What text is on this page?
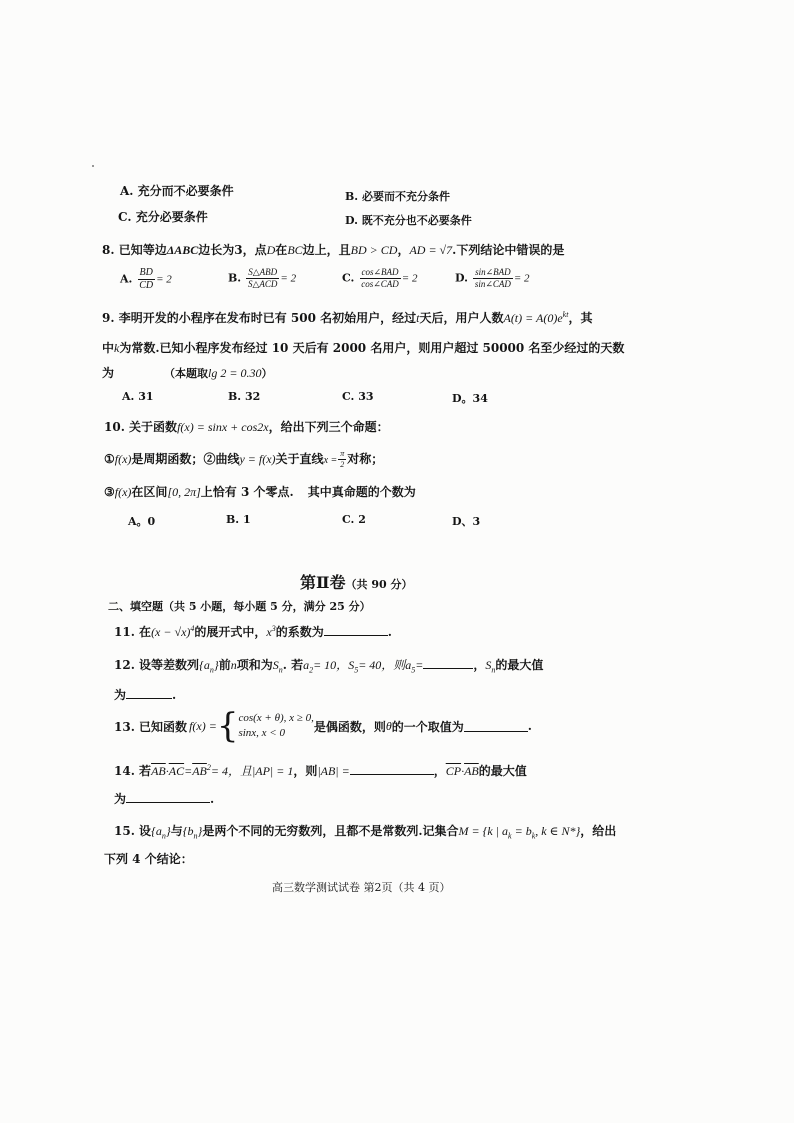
A. 充分而不必要条件	B. 必要而不充分条件
C. 充分必要条件	D. 既不充分也不必要条件
8. 已知等边ΔABC边长为3，点D在BC边上，且BD > CD，AD = √7.下列结论中错误的是
A. $\frac{BD}{CD} = 2$	B. $\frac{\text{S△ABD}}{\text{S△ACD}} = 2$	C. $\frac{\text{cos∠BAD}}{\text{cos∠CAD}} = 2$	D. $\frac{\text{sin∠BAD}}{\text{sin∠CAD}} = 2$
9. 李明开发的小程序在发布时已有 500 名初始用户，经过t天后，用户人数$A(t) = A(0)e^{kt}$，其
中k为常数.已知小程序发布经过 10 天后有 2000 名用户，则用户超过 50000 名至少经过的天数
为	（本题取lg 2 = 0.30）
A. 31	B. 32	C. 33	D。34
10. 关于函数f(x) = sinx + cos2x，给出下列三个命题：
①f(x)是周期函数；②曲线y = f(x)关于直线$x = \frac{\pi}{2}$ 对称；
③f(x)在区间[0, 2π]上恰有 3 个零点. 其中真命题的个数为
A。0	B. 1	C. 2	D、3
第Ⅱ卷（共 90 分）
二、填空题（共 5 小题，每小题 5 分，满分 25 分）
11. 在$(x - √x)^4$的展开式中，$x^3$的系数为	.
12. 设等差数列$\{a_n\}$前n项和为$S_n$. 若$a_2= 10$，$S_5= 40$，则$a_5=$	，$S_n$的最大值
为	.
13. 已知函数 f(x) = { cos(x + θ), x ≥ 0,
sinx, x < 0	是偶函数，则 θ 的一个取值为	.
14. 若$\overline{AB}\cdot\overline{AC}=\overline{AB}^2= 4$，且|AP| = 1，则|AB| =	，$\overline{CP}\cdot\overline{AB}$的最大值
为	.
15. 设$\{a_n\}$与$\{b_n\}$是两个不同的无穷数列，且都不是常数列.记集合M = {k | $a_k = b_k$, k ∈ N*}，给出
下列 4 个结论：
高三数学测试试卷 第2页（共 4 页）
